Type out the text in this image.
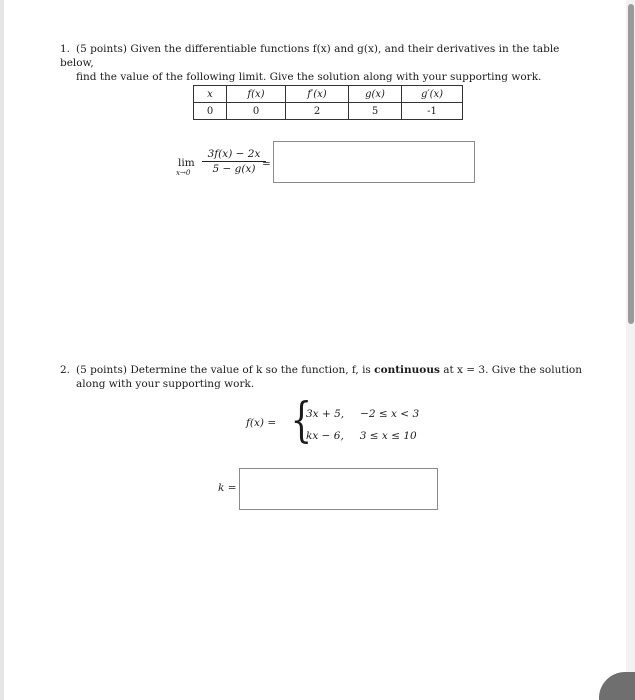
1. (5 points) Given the differentiable functions f(x) and g(x), and their derivatives in the table below,
find the value of the following limit. Give the solution along with your supporting work.
x	f(x)	f′(x)	g(x)	g′(x)
0	0	2	5	-1
lim
$x\to 0 \frac{3f(x) - 2x}{5 - g(x)}$
=
2. (5 points) Determine the value of k so the function, f, is continuous at x = 3. Give the solution
along with your supporting work.
f(x) = {
3x + 5, −2 ≤ x < 3
kx − 6, 3 ≤ x ≤ 10
k =
